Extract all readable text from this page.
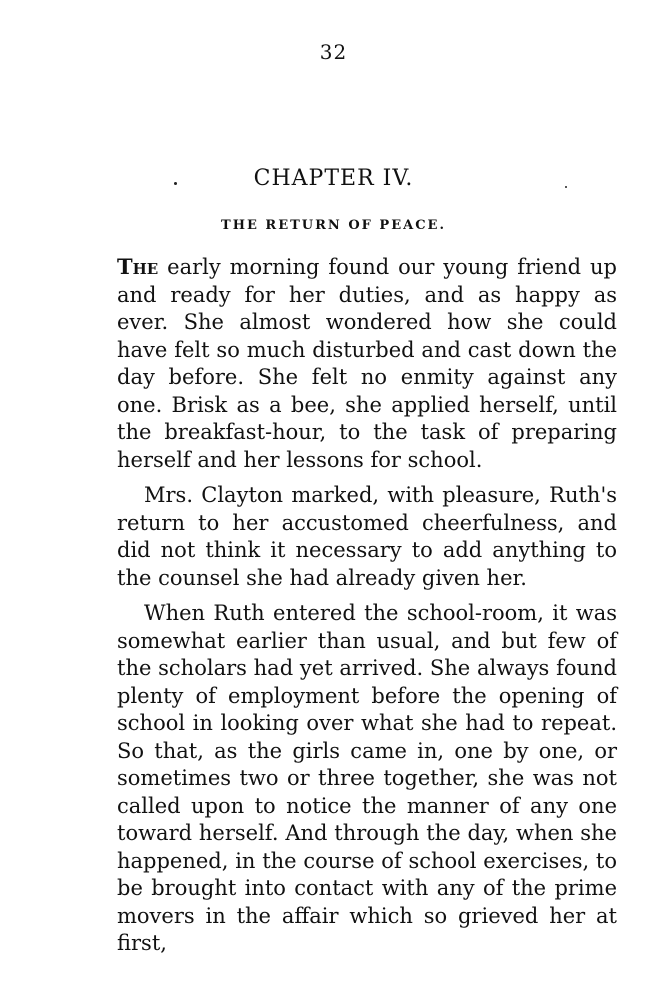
32
CHAPTER IV.
THE RETURN OF PEACE.

The early morning found our young friend up and ready for her duties, and as happy as ever. She almost wondered how she could have felt so much disturbed and cast down the day before. She felt no enmity against any one. Brisk as a bee, she applied herself, until the breakfast-hour, to the task of preparing herself and her lessons for school.

Mrs. Clayton marked, with pleasure, Ruth's return to her accustomed cheerfulness, and did not think it necessary to add anything to the counsel she had already given her.

When Ruth entered the school-room, it was somewhat earlier than usual, and but few of the scholars had yet arrived. She always found plenty of employment before the opening of school in looking over what she had to repeat. So that, as the girls came in, one by one, or sometimes two or three together, she was not called upon to notice the manner of any one toward herself. And through the day, when she happened, in the course of school exercises, to be brought into contact with any of the prime movers in the affair which so grieved her at first,
